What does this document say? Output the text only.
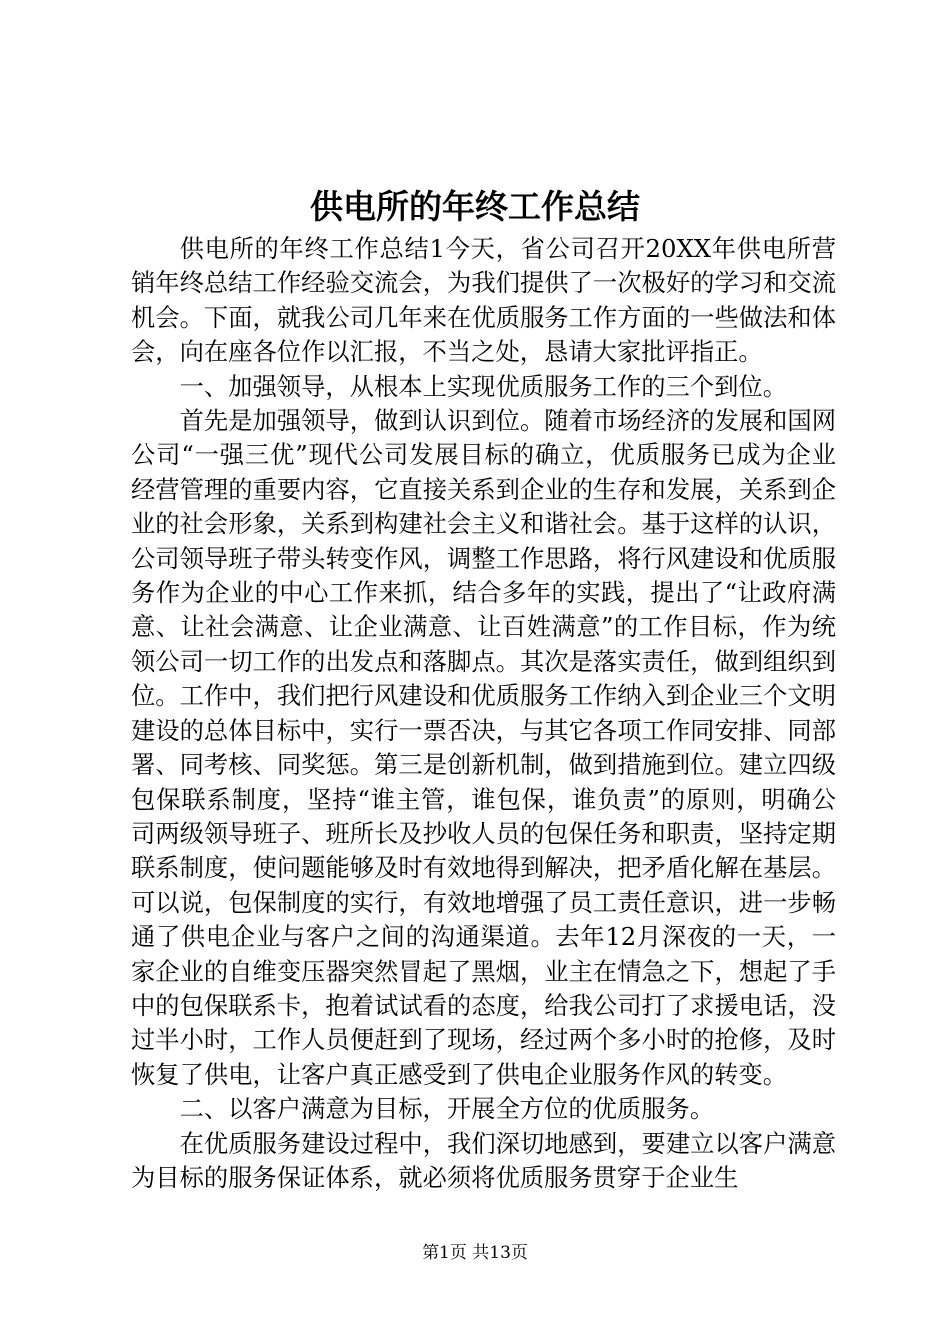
供电所的年终工作总结

供电所的年终工作总结1今天，省公司召开20XX年供电所营销年终总结工作经验交流会，为我们提供了一次极好的学习和交流机会。下面，就我公司几年来在优质服务工作方面的一些做法和体会，向在座各位作以汇报，不当之处，恳请大家批评指正。

一、加强领导，从根本上实现优质服务工作的三个到位。

首先是加强领导，做到认识到位。随着市场经济的发展和国网公司“一强三优”现代公司发展目标的确立，优质服务已成为企业经营管理的重要内容，它直接关系到企业的生存和发展，关系到企业的社会形象，关系到构建社会主义和谐社会。基于这样的认识，公司领导班子带头转变作风，调整工作思路，将行风建设和优质服务作为企业的中心工作来抓，结合多年的实践，提出了“让政府满意、让社会满意、让企业满意、让百姓满意”的工作目标，作为统领公司一切工作的出发点和落脚点。其次是落实责任，做到组织到位。工作中，我们把行风建设和优质服务工作纳入到企业三个文明建设的总体目标中，实行一票否决，与其它各项工作同安排、同部署、同考核、同奖惩。第三是创新机制，做到措施到位。建立四级包保联系制度，坚持“谁主管，谁包保，谁负责”的原则，明确公司两级领导班子、班所长及抄收人员的包保任务和职责，坚持定期联系制度，使问题能够及时有效地得到解决，把矛盾化解在基层。可以说，包保制度的实行，有效地增强了员工责任意识，进一步畅通了供电企业与客户之间的沟通渠道。去年12月深夜的一天，一家企业的自维变压器突然冒起了黑烟，业主在情急之下，想起了手中的包保联系卡，抱着试试看的态度，给我公司打了求援电话，没过半小时，工作人员便赶到了现场，经过两个多小时的抢修，及时恢复了供电，让客户真正感受到了供电企业服务作风的转变。

二、以客户满意为目标，开展全方位的优质服务。

在优质服务建设过程中，我们深切地感到，要建立以客户满意为目标的服务保证体系，就必须将优质服务贯穿于企业生

第1页 共13页
